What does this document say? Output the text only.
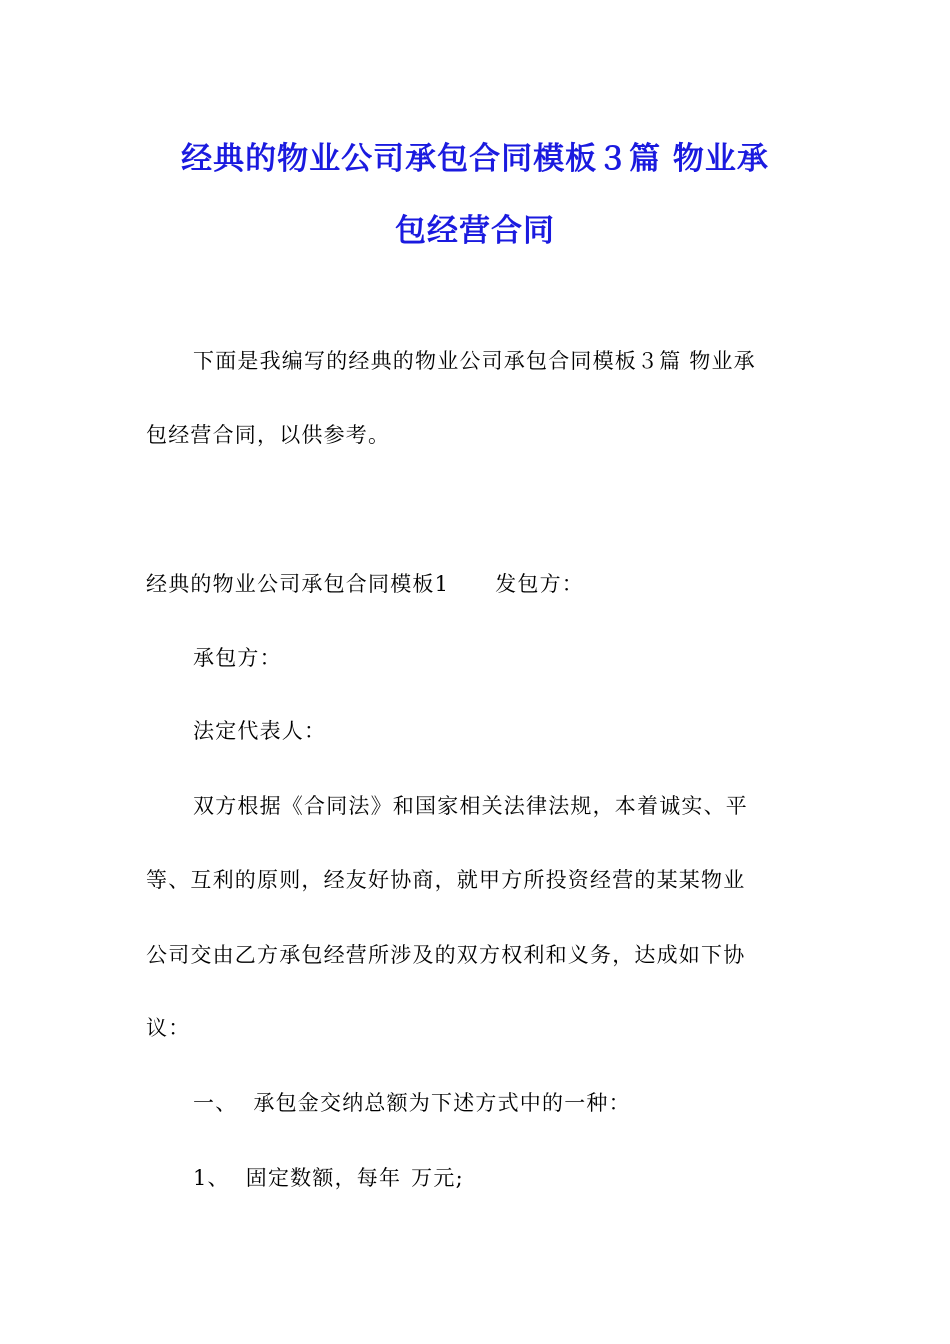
经典的物业公司承包合同模板３篇 物业承
包经营合同
下面是我编写的经典的物业公司承包合同模板３篇 物业承
包经营合同，以供参考。
经典的物业公司承包合同模板1 发包方：
承包方：
法定代表人：
双方根据《合同法》和国家相关法律法规，本着诚实、平
等、互利的原则，经友好协商，就甲方所投资经营的某某物业
公司交由乙方承包经营所涉及的双方权利和义务，达成如下协
议：
一、 承包金交纳总额为下述方式中的一种：
1、 固定数额，每年 万元;
